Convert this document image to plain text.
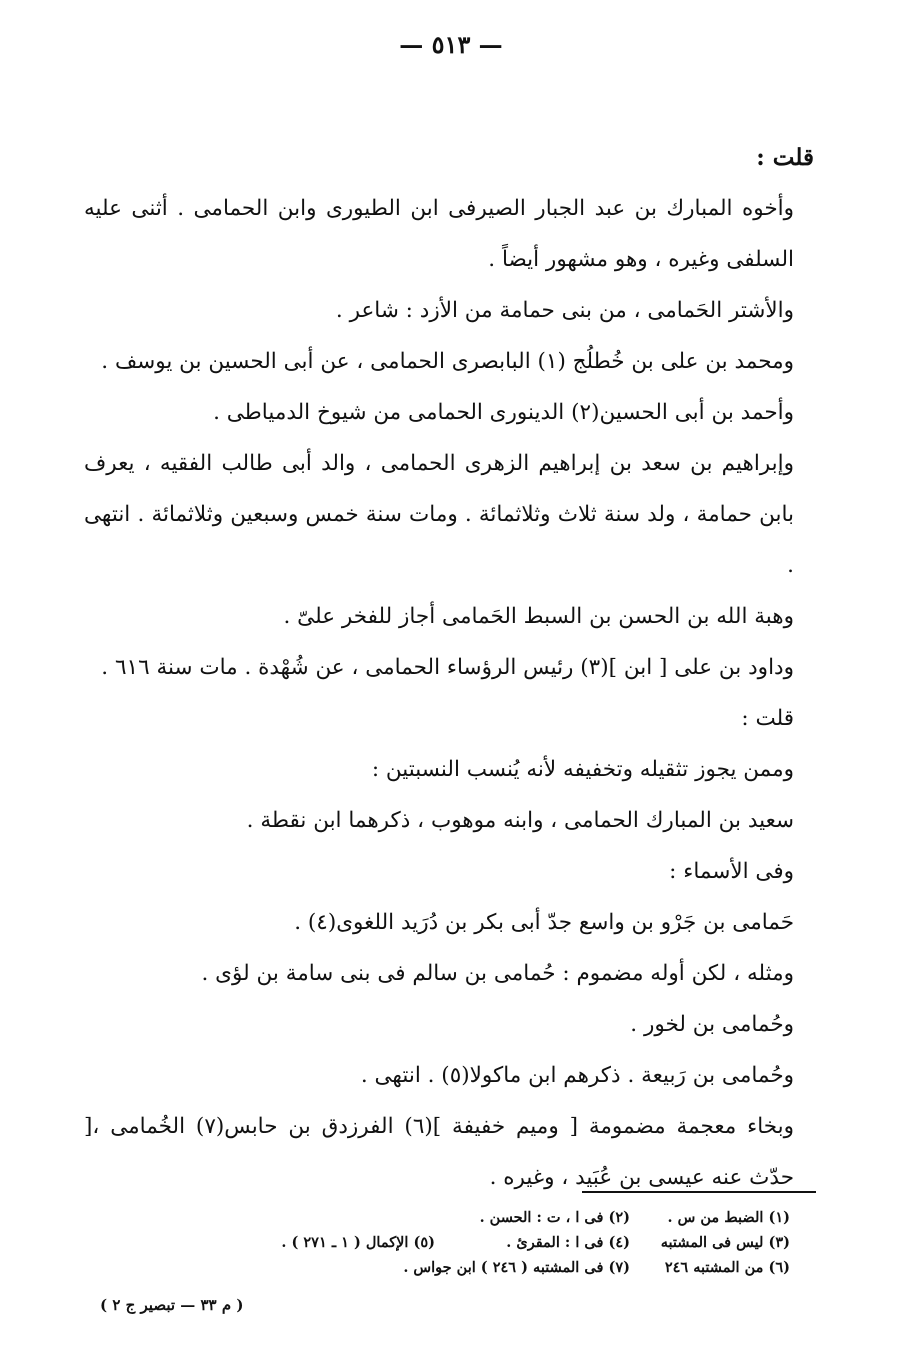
— ٥١٣ —

قلت :

وأخوه المبارك بن عبد الجبار الصيرفى ابن الطيورى وابن الحمامى . أثنى عليه السلفى وغيره ، وهو مشهور أيضاً .

والأشتر الحَمامى ، من بنى حمامة من الأزد : شاعر .

ومحمد بن على بن خُطلُج (١) البابصرى الحمامى ، عن أبى الحسين بن يوسف .

وأحمد بن أبى الحسين(٢) الدينورى الحمامى من شيوخ الدمياطى .

وإبراهيم بن سعد بن إبراهيم الزهرى الحمامى ، والد أبى طالب الفقيه ، يعرف بابن حمامة ، ولد سنة ثلاث وثلاثمائة . ومات سنة خمس وسبعين وثلاثمائة . انتهى .

وهبة الله بن الحسن بن السبط الحَمامى أجاز للفخر علىّ .

وداود بن على [ ابن ](٣) رئيس الرؤساء الحمامى ، عن شُهْدة . مات سنة ٦١٦ .

قلت :

وممن يجوز تثقيله وتخفيفه لأنه يُنسب النسبتين :

سعيد بن المبارك الحمامى ، وابنه موهوب ، ذكرهما ابن نقطة .

وفى الأسماء :

حَمامى بن جَرْو بن واسع جدّ أبى بكر بن دُرَيد اللغوى(٤) .

ومثله ، لكن أوله مضموم : حُمامى بن سالم فى بنى سامة بن لؤى .

وحُمامى بن لخور .

وحُمامى بن رَبيعة . ذكرهم ابن ماكولا(٥) . انتهى .

وبخاء معجمة مضمومة [ وميم خفيفة ](٦) الفرزدق بن حابس(٧) الخُمامى ،[ حدّث عنه عيسى بن عُبَيد ، وغيره .

(١) الضبط من س .
(٢) فى ا ، ت : الحسن .
(٣) ليس فى المشتبه
(٤) فى ا : المقرئ .
(٥) الإكمال ( ١ ـ ٢٧١ ) .
(٦) من المشتبه ٢٤٦
(٧) فى المشتبه ( ٢٤٦ ) ابن جواس .
( م ٣٣ — تبصير ج ٢ )
